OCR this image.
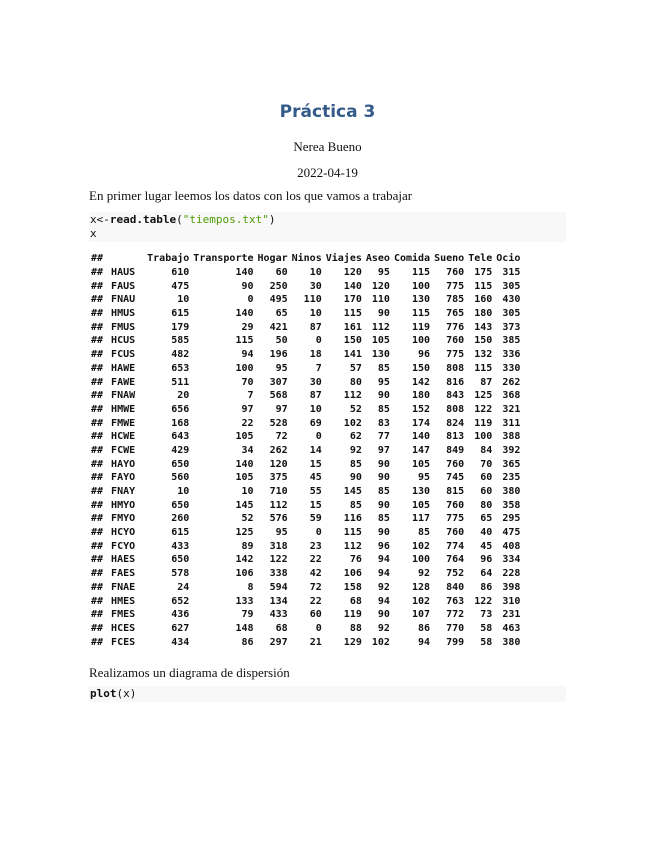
Práctica 3
Nerea Bueno
2022-04-19
En primer lugar leemos los datos con los que vamos a trabajar
x<-read.table("tiempos.txt")
x
##		Trabajo	Transporte	Hogar	Ninos	Viajes	Aseo	Comida	Sueno	Tele	Ocio
##	HAUS	610	140	60	10	120	95	115	760	175	315
##	FAUS	475	90	250	30	140	120	100	775	115	305
##	FNAU	10	0	495	110	170	110	130	785	160	430
##	HMUS	615	140	65	10	115	90	115	765	180	305
##	FMUS	179	29	421	87	161	112	119	776	143	373
##	HCUS	585	115	50	0	150	105	100	760	150	385
##	FCUS	482	94	196	18	141	130	96	775	132	336
##	HAWE	653	100	95	7	57	85	150	808	115	330
##	FAWE	511	70	307	30	80	95	142	816	87	262
##	FNAW	20	7	568	87	112	90	180	843	125	368
##	HMWE	656	97	97	10	52	85	152	808	122	321
##	FMWE	168	22	528	69	102	83	174	824	119	311
##	HCWE	643	105	72	0	62	77	140	813	100	388
##	FCWE	429	34	262	14	92	97	147	849	84	392
##	HAYO	650	140	120	15	85	90	105	760	70	365
##	FAYO	560	105	375	45	90	90	95	745	60	235
##	FNAY	10	10	710	55	145	85	130	815	60	380
##	HMYO	650	145	112	15	85	90	105	760	80	358
##	FMYO	260	52	576	59	116	85	117	775	65	295
##	HCYO	615	125	95	0	115	90	85	760	40	475
##	FCYO	433	89	318	23	112	96	102	774	45	408
##	HAES	650	142	122	22	76	94	100	764	96	334
##	FAES	578	106	338	42	106	94	92	752	64	228
##	FNAE	24	8	594	72	158	92	128	840	86	398
##	HMES	652	133	134	22	68	94	102	763	122	310
##	FMES	436	79	433	60	119	90	107	772	73	231
##	HCES	627	148	68	0	88	92	86	770	58	463
##	FCES	434	86	297	21	129	102	94	799	58	380
Realizamos un diagrama de dispersión
plot(x)
